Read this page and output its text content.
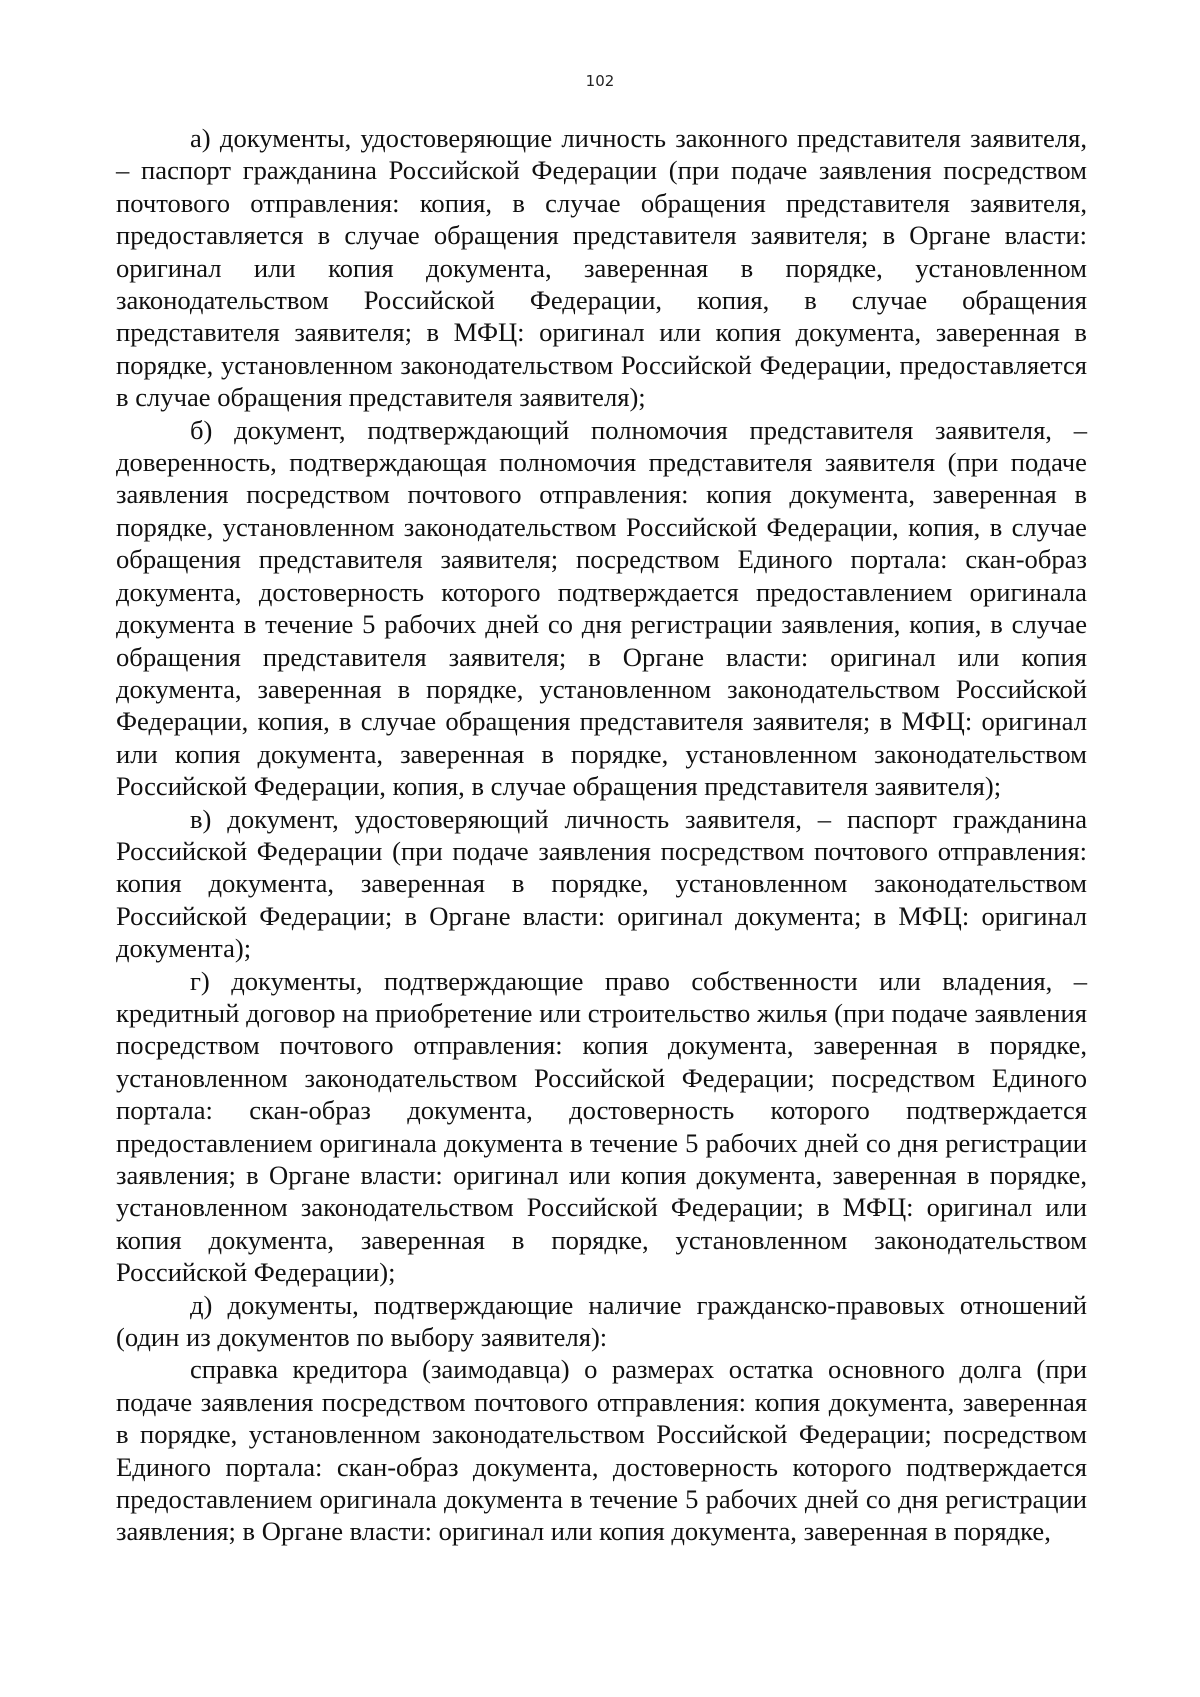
102

а) документы, удостоверяющие личность законного представителя заявителя, – паспорт гражданина Российской Федерации (при подаче заявления посредством почтового отправления: копия, в случае обращения представителя заявителя, предоставляется в случае обращения представителя заявителя; в Органе власти: оригинал или копия документа, заверенная в порядке, установленном законодательством Российской Федерации, копия, в случае обращения представителя заявителя; в МФЦ: оригинал или копия документа, заверенная в порядке, установленном законодательством Российской Федерации, предоставляется в случае обращения представителя заявителя);

б) документ, подтверждающий полномочия представителя заявителя, – доверенность, подтверждающая полномочия представителя заявителя (при подаче заявления посредством почтового отправления: копия документа, заверенная в порядке, установленном законодательством Российской Федерации, копия, в случае обращения представителя заявителя; посредством Единого портала: скан-образ документа, достоверность которого подтверждается предоставлением оригинала документа в течение 5 рабочих дней со дня регистрации заявления, копия, в случае обращения представителя заявителя; в Органе власти: оригинал или копия документа, заверенная в порядке, установленном законодательством Российской Федерации, копия, в случае обращения представителя заявителя; в МФЦ: оригинал или копия документа, заверенная в порядке, установленном законодательством Российской Федерации, копия, в случае обращения представителя заявителя);

в) документ, удостоверяющий личность заявителя, – паспорт гражданина Российской Федерации (при подаче заявления посредством почтового отправления: копия документа, заверенная в порядке, установленном законодательством Российской Федерации; в Органе власти: оригинал документа; в МФЦ: оригинал документа);

г) документы, подтверждающие право собственности или владения, – кредитный договор на приобретение или строительство жилья (при подаче заявления посредством почтового отправления: копия документа, заверенная в порядке, установленном законодательством Российской Федерации; посредством Единого портала: скан-образ документа, достоверность которого подтверждается предоставлением оригинала документа в течение 5 рабочих дней со дня регистрации заявления; в Органе власти: оригинал или копия документа, заверенная в порядке, установленном законодательством Российской Федерации; в МФЦ: оригинал или копия документа, заверенная в порядке, установленном законодательством Российской Федерации);

д) документы, подтверждающие наличие гражданско-правовых отношений (один из документов по выбору заявителя):

справка кредитора (заимодавца) о размерах остатка основного долга (при подаче заявления посредством почтового отправления: копия документа, заверенная в порядке, установленном законодательством Российской Федерации; посредством Единого портала: скан-образ документа, достоверность которого подтверждается предоставлением оригинала документа в течение 5 рабочих дней со дня регистрации заявления; в Органе власти: оригинал или копия документа, заверенная в порядке,
